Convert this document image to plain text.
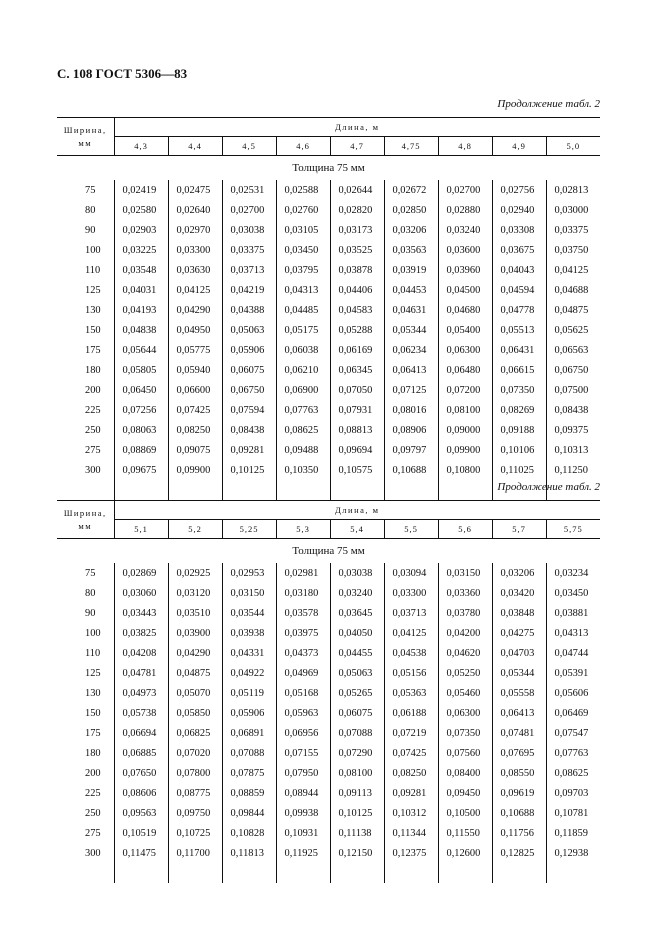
С. 108 ГОСТ 5306—83
Продолжение табл. 2
Ширина,
мм	Длина, м								
	4,3	4,4	4,5	4,6	4,7	4,75	4,8	4,9	5,0
Толщина 75 мм									
75	0,02419	0,02475	0,02531	0,02588	0,02644	0,02672	0,02700	0,02756	0,02813
80	0,02580	0,02640	0,02700	0,02760	0,02820	0,02850	0,02880	0,02940	0,03000
90	0,02903	0,02970	0,03038	0,03105	0,03173	0,03206	0,03240	0,03308	0,03375
100	0,03225	0,03300	0,03375	0,03450	0,03525	0,03563	0,03600	0,03675	0,03750
110	0,03548	0,03630	0,03713	0,03795	0,03878	0,03919	0,03960	0,04043	0,04125
125	0,04031	0,04125	0,04219	0,04313	0,04406	0,04453	0,04500	0,04594	0,04688
130	0,04193	0,04290	0,04388	0,04485	0,04583	0,04631	0,04680	0,04778	0,04875
150	0,04838	0,04950	0,05063	0,05175	0,05288	0,05344	0,05400	0,05513	0,05625
175	0,05644	0,05775	0,05906	0,06038	0,06169	0,06234	0,06300	0,06431	0,06563
180	0,05805	0,05940	0,06075	0,06210	0,06345	0,06413	0,06480	0,06615	0,06750
200	0,06450	0,06600	0,06750	0,06900	0,07050	0,07125	0,07200	0,07350	0,07500
225	0,07256	0,07425	0,07594	0,07763	0,07931	0,08016	0,08100	0,08269	0,08438
250	0,08063	0,08250	0,08438	0,08625	0,08813	0,08906	0,09000	0,09188	0,09375
275	0,08869	0,09075	0,09281	0,09488	0,09694	0,09797	0,09900	0,10106	0,10313
300	0,09675	0,09900	0,10125	0,10350	0,10575	0,10688	0,10800	0,11025	0,11250

Продолжение табл. 2
Ширина,
мм	Длина, м								
	5,1	5,2	5,25	5,3	5,4	5,5	5,6	5,7	5,75
Толщина 75 мм									
75	0,02869	0,02925	0,02953	0,02981	0,03038	0,03094	0,03150	0,03206	0,03234
80	0,03060	0,03120	0,03150	0,03180	0,03240	0,03300	0,03360	0,03420	0,03450
90	0,03443	0,03510	0,03544	0,03578	0,03645	0,03713	0,03780	0,03848	0,03881
100	0,03825	0,03900	0,03938	0,03975	0,04050	0,04125	0,04200	0,04275	0,04313
110	0,04208	0,04290	0,04331	0,04373	0,04455	0,04538	0,04620	0,04703	0,04744
125	0,04781	0,04875	0,04922	0,04969	0,05063	0,05156	0,05250	0,05344	0,05391
130	0,04973	0,05070	0,05119	0,05168	0,05265	0,05363	0,05460	0,05558	0,05606
150	0,05738	0,05850	0,05906	0,05963	0,06075	0,06188	0,06300	0,06413	0,06469
175	0,06694	0,06825	0,06891	0,06956	0,07088	0,07219	0,07350	0,07481	0,07547
180	0,06885	0,07020	0,07088	0,07155	0,07290	0,07425	0,07560	0,07695	0,07763
200	0,07650	0,07800	0,07875	0,07950	0,08100	0,08250	0,08400	0,08550	0,08625
225	0,08606	0,08775	0,08859	0,08944	0,09113	0,09281	0,09450	0,09619	0,09703
250	0,09563	0,09750	0,09844	0,09938	0,10125	0,10312	0,10500	0,10688	0,10781
275	0,10519	0,10725	0,10828	0,10931	0,11138	0,11344	0,11550	0,11756	0,11859
300	0,11475	0,11700	0,11813	0,11925	0,12150	0,12375	0,12600	0,12825	0,12938
